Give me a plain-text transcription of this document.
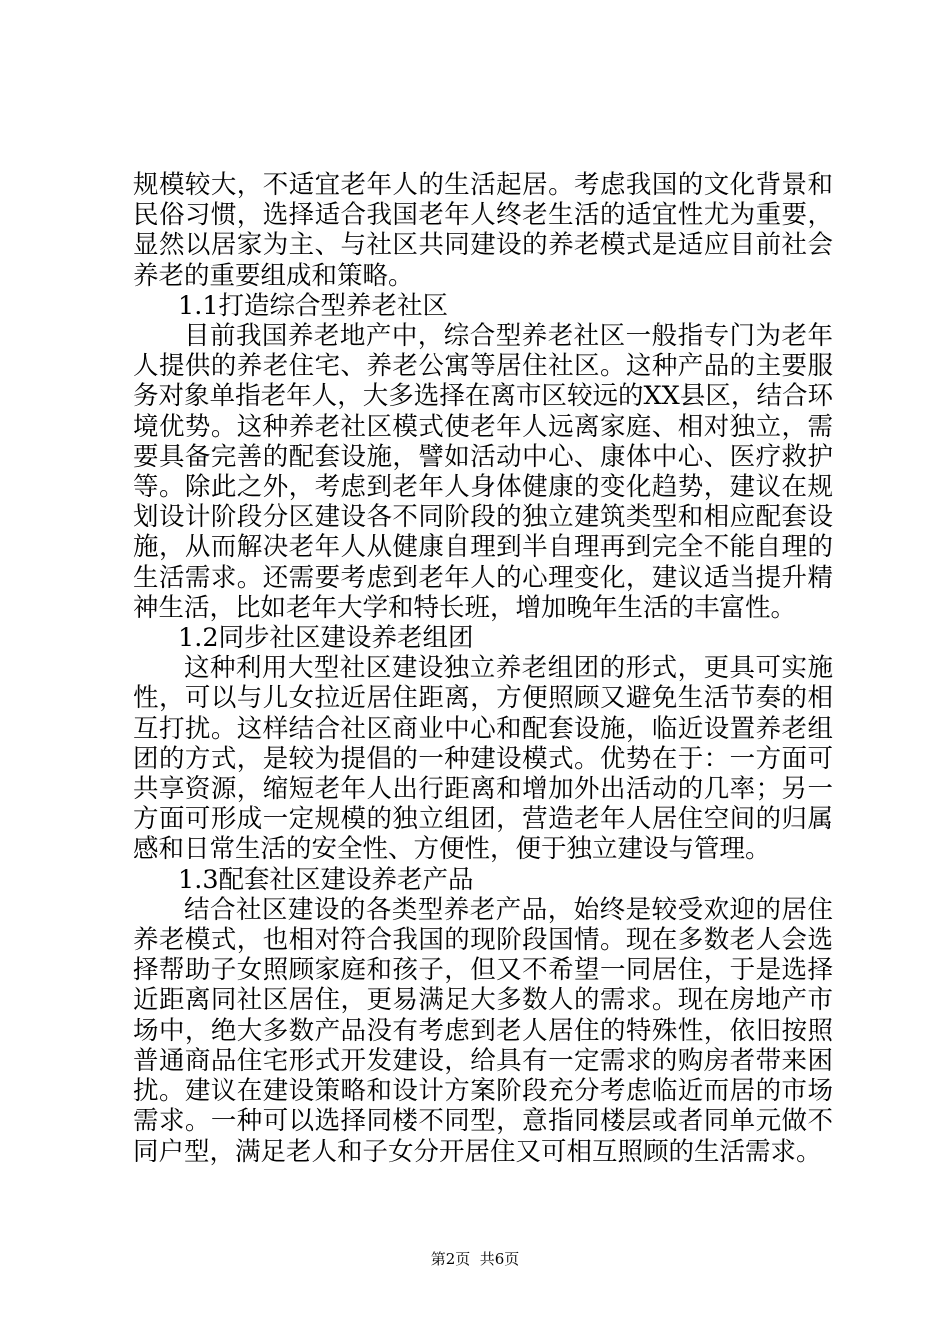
规模较大，不适宜老年人的生活起居。考虑我国的文化背景和民俗习惯，选择适合我国老年人终老生活的适宜性尤为重要，显然以居家为主、与社区共同建设的养老模式是适应目前社会养老的重要组成和策略。

1.1打造综合型养老社区

目前我国养老地产中，综合型养老社区一般指专门为老年人提供的养老住宅、养老公寓等居住社区。这种产品的主要服务对象单指老年人，大多选择在离市区较远的XX县区，结合环境优势。这种养老社区模式使老年人远离家庭、相对独立，需要具备完善的配套设施，譬如活动中心、康体中心、医疗救护等。除此之外，考虑到老年人身体健康的变化趋势，建议在规划设计阶段分区建设各不同阶段的独立建筑类型和相应配套设施，从而解决老年人从健康自理到半自理再到完全不能自理的生活需求。还需要考虑到老年人的心理变化，建议适当提升精神生活，比如老年大学和特长班，增加晚年生活的丰富性。

1.2同步社区建设养老组团

这种利用大型社区建设独立养老组团的形式，更具可实施性，可以与儿女拉近居住距离，方便照顾又避免生活节奏的相互打扰。这样结合社区商业中心和配套设施，临近设置养老组团的方式，是较为提倡的一种建设模式。优势在于：一方面可共享资源，缩短老年人出行距离和增加外出活动的几率；另一方面可形成一定规模的独立组团，营造老年人居住空间的归属感和日常生活的安全性、方便性，便于独立建设与管理。

1.3配套社区建设养老产品

结合社区建设的各类型养老产品，始终是较受欢迎的居住养老模式，也相对符合我国的现阶段国情。现在多数老人会选择帮助子女照顾家庭和孩子，但又不希望一同居住，于是选择近距离同社区居住，更易满足大多数人的需求。现在房地产市场中，绝大多数产品没有考虑到老人居住的特殊性，依旧按照普通商品住宅形式开发建设，给具有一定需求的购房者带来困扰。建议在建设策略和设计方案阶段充分考虑临近而居的市场需求。一种可以选择同楼不同型，意指同楼层或者同单元做不同户型，满足老人和子女分开居住又可相互照顾的生活需求。

第2页  共6页
